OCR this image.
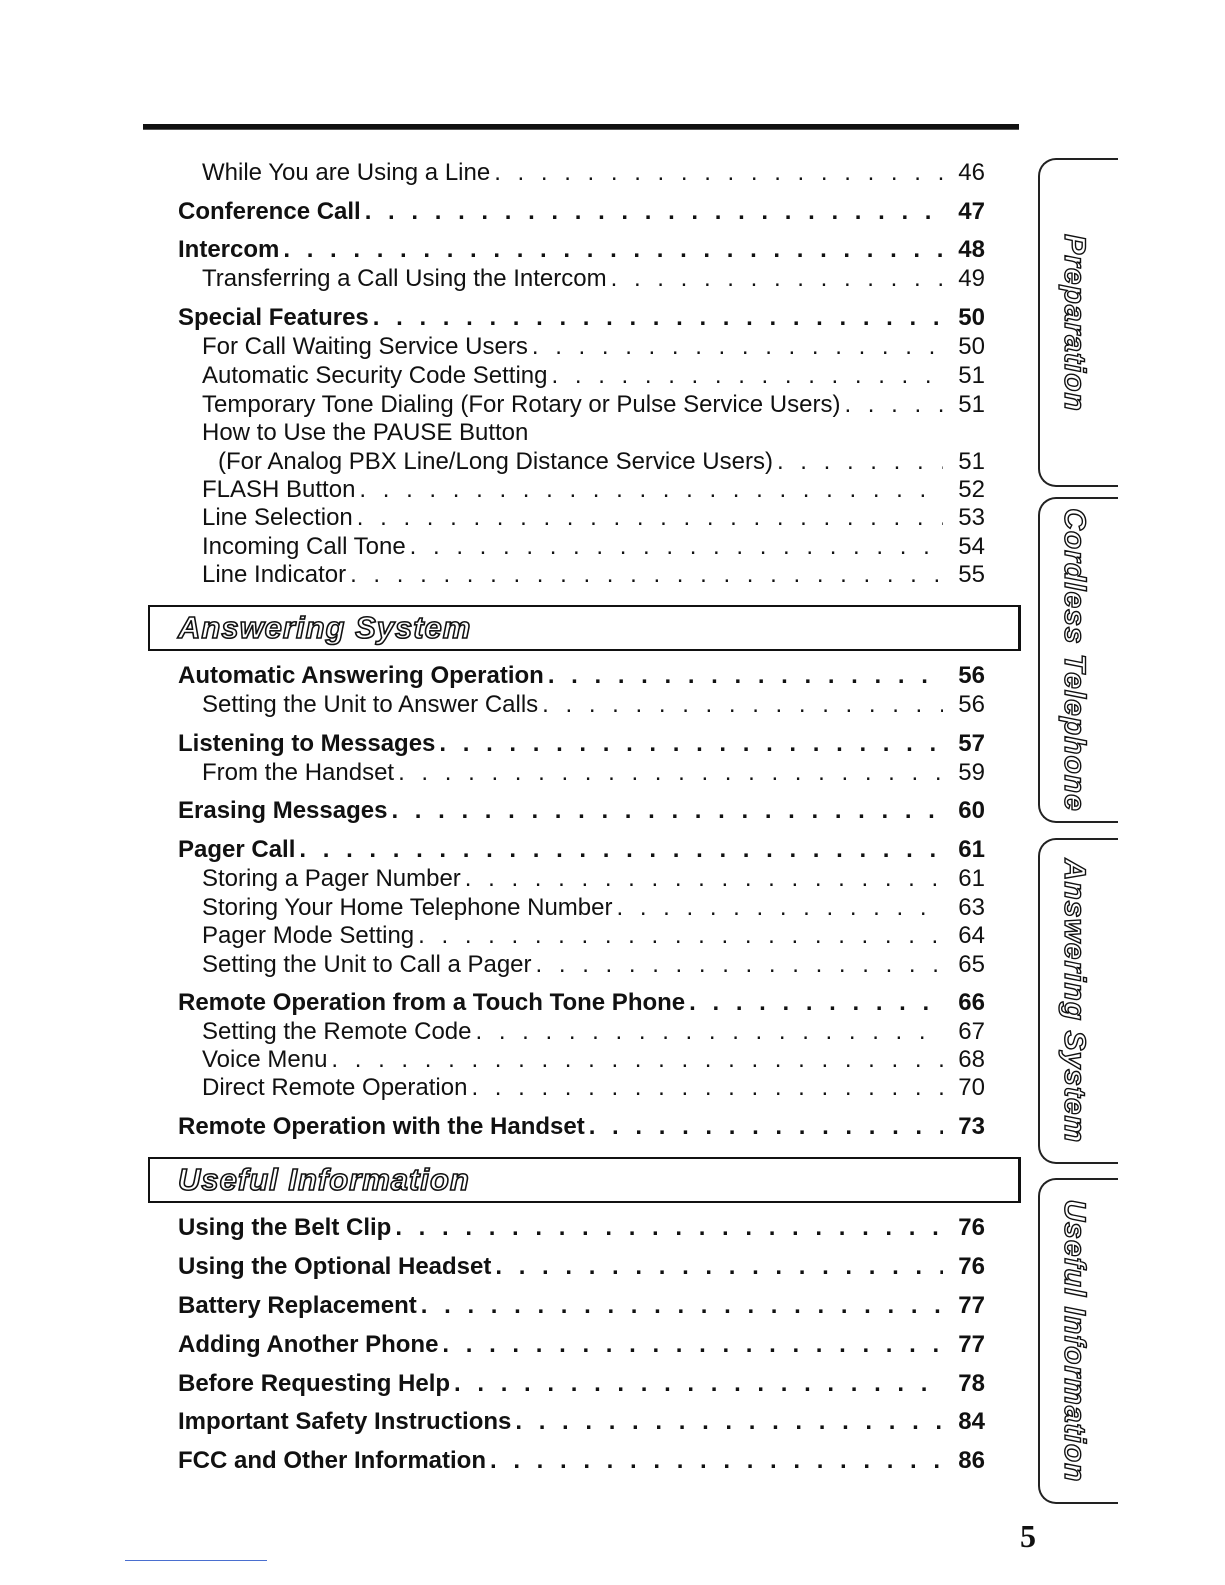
While You are Using a Line . . .	46
Conference Call . . .	47
Intercom . . .	48
Transferring a Call Using the Intercom . . .	49
Special Features . . .	50
For Call Waiting Service Users . . .	50
Automatic Security Code Setting . . .	51
Temporary Tone Dialing (For Rotary or Pulse Service Users) . . .	51
How to Use the PAUSE Button
(For Analog PBX Line/Long Distance Service Users) . . .	51
FLASH Button . . .	52
Line Selection . . .	53
Incoming Call Tone . . .	54
Line Indicator . . .	55
Automatic Answering Operation . . .	56
Setting the Unit to Answer Calls . . .	56
Listening to Messages . . .	57
From the Handset . . .	59
Erasing Messages . . .	60
Pager Call . . .	61
Storing a Pager Number . . .	61
Storing Your Home Telephone Number . . .	63
Pager Mode Setting . . .	64
Setting the Unit to Call a Pager . . .	65
Remote Operation from a Touch Tone Phone . . .	66
Setting the Remote Code . . .	67
Voice Menu . . .	68
Direct Remote Operation . . .	70
Remote Operation with the Handset . . .	73
Using the Belt Clip . . .	76
Using the Optional Headset . . .	76
Battery Replacement . . .	77
Adding Another Phone . . .	77
Before Requesting Help . . .	78
Important Safety Instructions . . .	84
FCC and Other Information . . .	86
Answering System
Useful Information
Preparation
Cordless Telephone
Answering System
Useful Information
5
